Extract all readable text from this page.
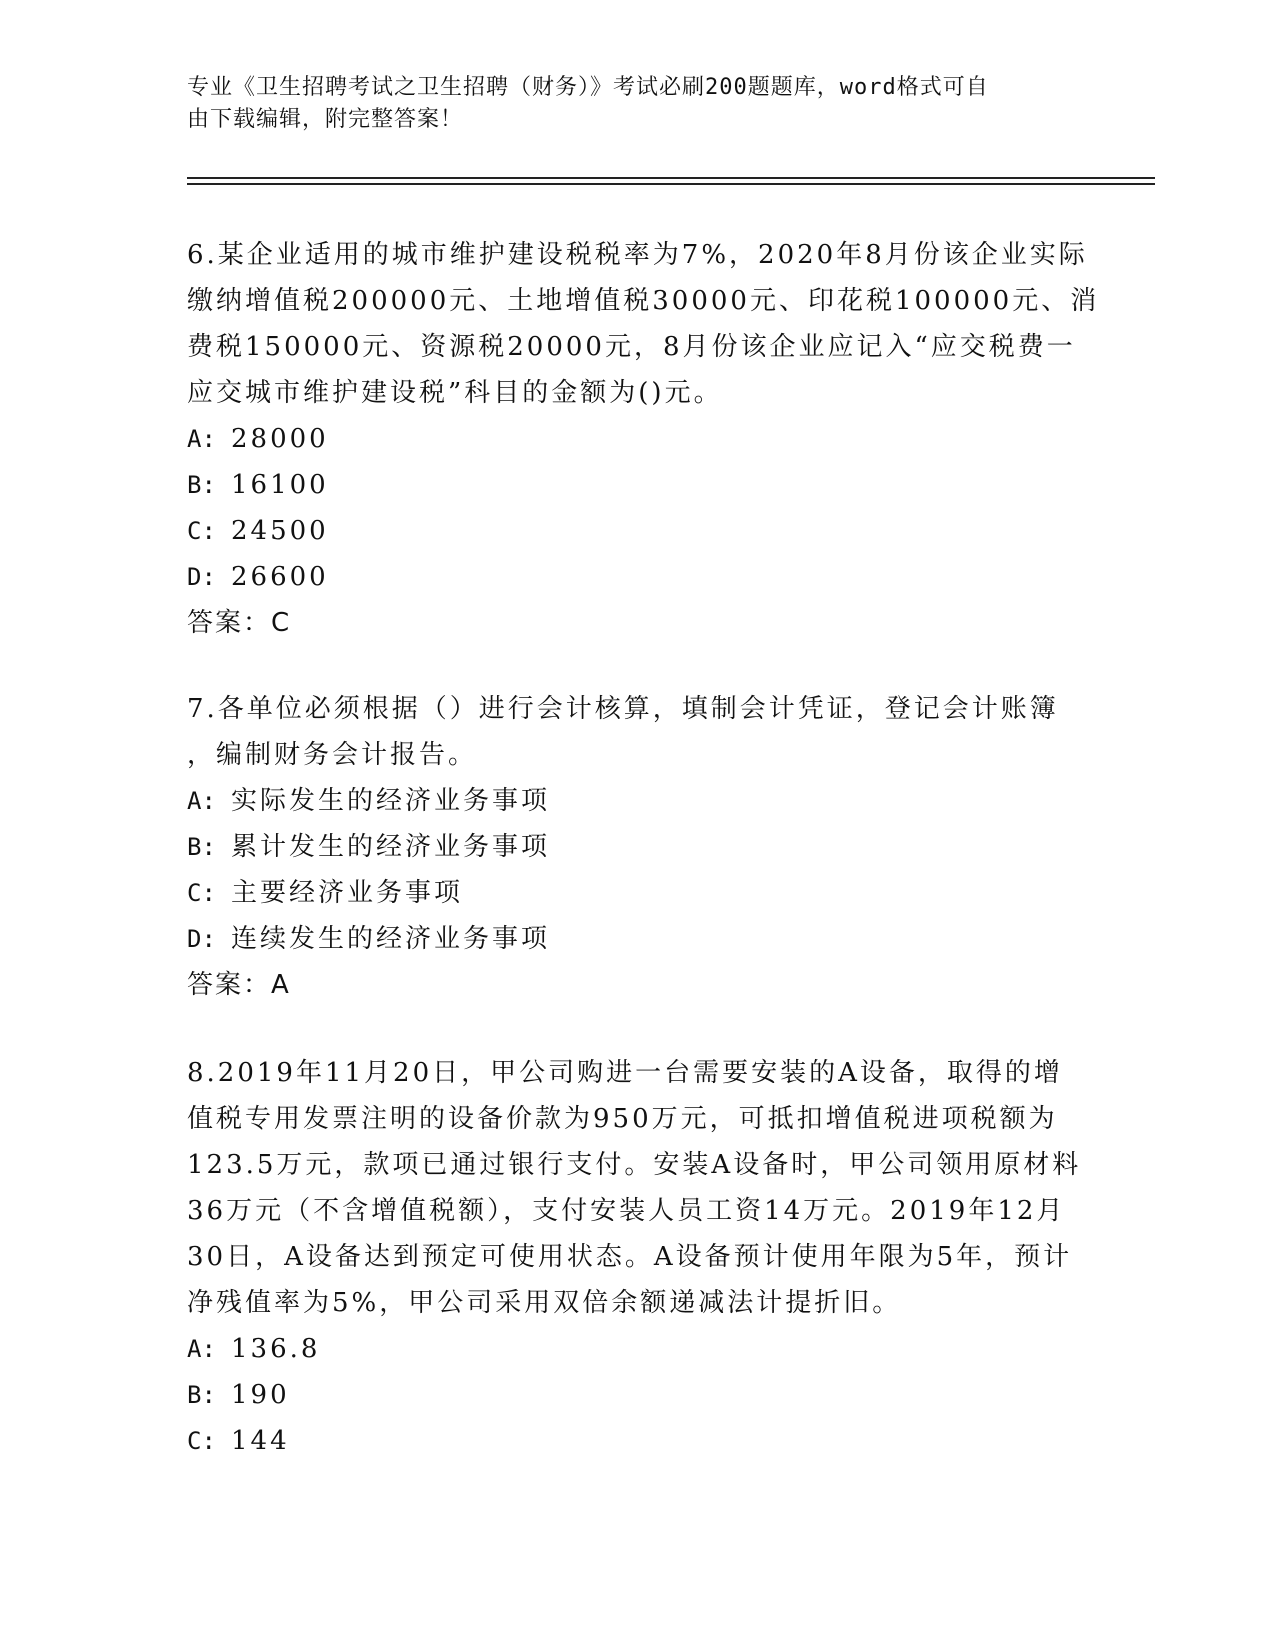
专业《卫生招聘考试之卫生招聘（财务）》考试必刷200题题库，word格式可自
由下载编辑，附完整答案！

6.某企业适用的城市维护建设税税率为7%，2020年8月份该企业实际
缴纳增值税200000元、土地增值税30000元、印花税100000元、消
费税150000元、资源税20000元，8月份该企业应记入“应交税费一
应交城市维护建设税”科目的金额为()元。

A: 28000
B: 16100
C: 24500
D: 26600
答案：C

7.各单位必须根据（）进行会计核算，填制会计凭证，登记会计账簿
，编制财务会计报告。

A: 实际发生的经济业务事项
B: 累计发生的经济业务事项
C: 主要经济业务事项
D: 连续发生的经济业务事项
答案：A

8.2019年11月20日，甲公司购进一台需要安装的A设备，取得的增
值税专用发票注明的设备价款为950万元，可抵扣增值税进项税额为
123.5万元，款项已通过银行支付。安装A设备时，甲公司领用原材料
36万元（不含增值税额），支付安装人员工资14万元。2019年12月
30日，A设备达到预定可使用状态。A设备预计使用年限为5年，预计
净残值率为5%，甲公司采用双倍余额递减法计提折旧。

A: 136.8
B: 190
C: 144
